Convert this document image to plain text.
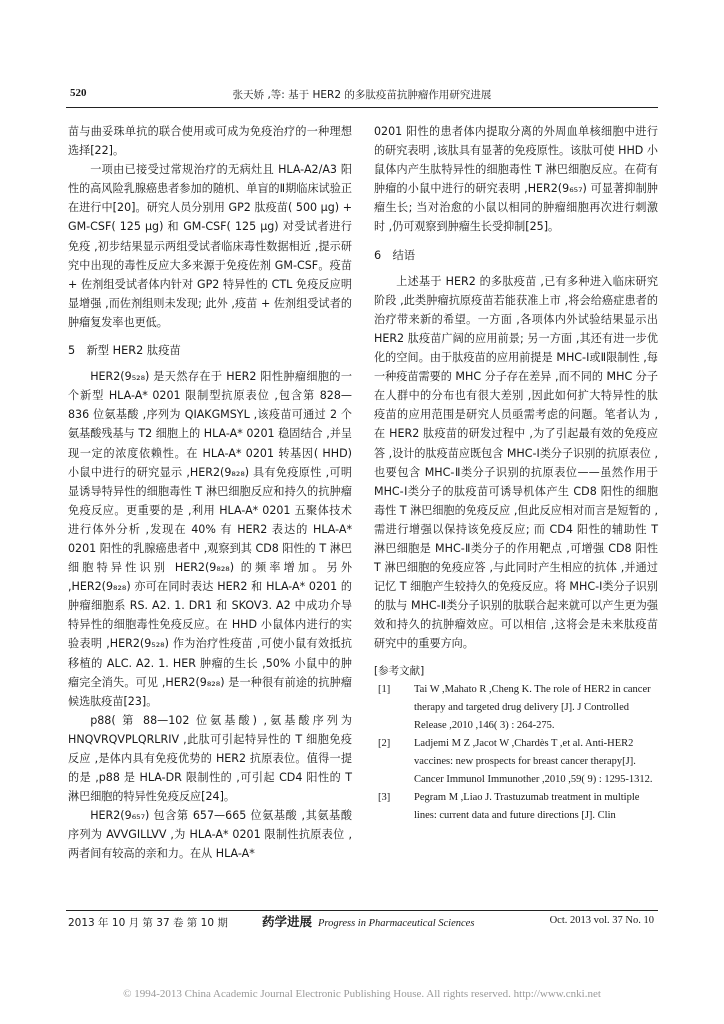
520	张天娇 ,等: 基于 HER2 的多肽疫苗抗肿瘤作用研究进展

苗与曲妥珠单抗的联合使用或可成为免疫治疗的一种理想选择[22]。

一项由已接受过常规治疗的无病灶且 HLA-A2/A3 阳性的高风险乳腺癌患者参加的随机、单盲的Ⅱ期临床试验正在进行中[20]。研究人员分别用 GP2 肽疫苗( 500 μg) + GM-CSF( 125 μg) 和 GM-CSF( 125 μg) 对受试者进行免疫 ,初步结果显示两组受试者临床毒性数据相近 ,提示研究中出现的毒性反应大多来源于免疫佐剂 GM-CSF。疫苗 + 佐剂组受试者体内针对 GP2 特异性的 CTL 免疫反应明显增强 ,而佐剂组则未发现; 此外 ,疫苗 + 佐剂组受试者的肿瘤复发率也更低。

5　新型 HER2 肽疫苗

HER2(9₅₂₈) 是天然存在于 HER2 阳性肿瘤细胞的一个新型 HLA-A* 0201 限制型抗原表位 ,包含第 828—836 位氨基酸 ,序列为 QIAKGMSYL ,该疫苗可通过 2 个氨基酸残基与 T2 细胞上的 HLA-A* 0201 稳固结合 ,并呈现一定的浓度依赖性。在 HLA-A* 0201 转基因( HHD) 小鼠中进行的研究显示 ,HER2(9₈₂₈) 具有免疫原性 ,可明显诱导特异性的细胞毒性 T 淋巴细胞反应和持久的抗肿瘤免疫反应。更重要的是 ,利用 HLA-A* 0201 五聚体技术进行体外分析 ,发现在 40% 有 HER2 表达的 HLA-A* 0201 阳性的乳腺癌患者中 ,观察到其 CD8 阳性的 T 淋巴细胞特异性识别 HER2(9₈₂₈) 的频率增加。另外 ,HER2(9₈₂₈) 亦可在同时表达 HER2 和 HLA-A* 0201 的肿瘤细胞系 RS. A2. 1. DR1 和 SKOV3. A2 中成功介导特异性的细胞毒性免疫反应。在 HHD 小鼠体内进行的实验表明 ,HER2(9₅₂₈) 作为治疗性疫苗 ,可使小鼠有效抵抗移植的 ALC. A2. 1. HER 肿瘤的生长 ,50% 小鼠中的肿瘤完全消失。可见 ,HER2(9₈₂₈) 是一种很有前途的抗肿瘤候选肽疫苗[23]。

p88( 第 88—102 位氨基酸) ,氨基酸序列为 HNQVRQVPLQRLRIV ,此肽可引起特异性的 T 细胞免疫反应 ,是体内具有免疫优势的 HER2 抗原表位。值得一提的是 ,p88 是 HLA-DR 限制性的 ,可引起 CD4 阳性的 T 淋巴细胞的特异性免疫反应[24]。

HER2(9₆₅₇) 包含第 657—665 位氨基酸 ,其氨基酸序列为 AVVGILLVV ,为 HLA-A* 0201 限制性抗原表位 ,两者间有较高的亲和力。在从 HLA-A*

0201 阳性的患者体内提取分离的外周血单核细胞中进行的研究表明 ,该肽具有显著的免疫原性。该肽可使 HHD 小鼠体内产生肽特异性的细胞毒性 T 淋巴细胞反应。在荷有肿瘤的小鼠中进行的研究表明 ,HER2(9₆₅₇) 可显著抑制肿瘤生长; 当对治愈的小鼠以相同的肿瘤细胞再次进行刺激时 ,仍可观察到肿瘤生长受抑制[25]。

6　结语

上述基于 HER2 的多肽疫苗 ,已有多种进入临床研究阶段 ,此类肿瘤抗原疫苗若能获准上市 ,将会给癌症患者的治疗带来新的希望。一方面 ,各项体内外试验结果显示出 HER2 肽疫苗广阔的应用前景; 另一方面 ,其还有进一步优化的空间。由于肽疫苗的应用前提是 MHC-Ⅰ或Ⅱ限制性 ,每一种疫苗需要的 MHC 分子存在差异 ,而不同的 MHC 分子在人群中的分布也有很大差别 ,因此如何扩大特异性的肽疫苗的应用范围是研究人员亟需考虑的问题。笔者认为 ,在 HER2 肽疫苗的研发过程中 ,为了引起最有效的免疫应答 ,设计的肽疫苗应既包含 MHC-Ⅰ类分子识别的抗原表位 ,也要包含 MHC-Ⅱ类分子识别的抗原表位——虽然作用于 MHC-Ⅰ类分子的肽疫苗可诱导机体产生 CD8 阳性的细胞毒性 T 淋巴细胞的免疫反应 ,但此反应相对而言是短暂的 ,需进行增强以保持该免疫反应; 而 CD4 阳性的辅助性 T 淋巴细胞是 MHC-Ⅱ类分子的作用靶点 ,可增强 CD8 阳性 T 淋巴细胞的免疫应答 ,与此同时产生相应的抗体 ,并通过记忆 T 细胞产生较持久的免疫反应。将 MHC-Ⅰ类分子识别的肽与 MHC-Ⅱ类分子识别的肽联合起来就可以产生更为强效和持久的抗肿瘤效应。可以相信 ,这将会是未来肽疫苗研究中的重要方向。

[参考文献]

[1] Tai W ,Mahato R ,Cheng K. The role of HER2 in cancer therapy and targeted drug delivery [J]. J Controlled Release ,2010 ,146( 3) : 264-275.
[2] Ladjemi M Z ,Jacot W ,Chardès T ,et al. Anti-HER2 vaccines: new prospects for breast cancer therapy[J]. Cancer Immunol Immunother ,2010 ,59( 9) : 1295-1312.
[3] Pegram M ,Liao J. Trastuzumab treatment in multiple lines: current data and future directions [J]. Clin
2013 年 10 月 第 37 卷 第 10 期	药学进展 Progress in Pharmaceutical Sciences	Oct. 2013 vol. 37 No. 10
© 1994-2013 China Academic Journal Electronic Publishing House. All rights reserved. http://www.cnki.net
